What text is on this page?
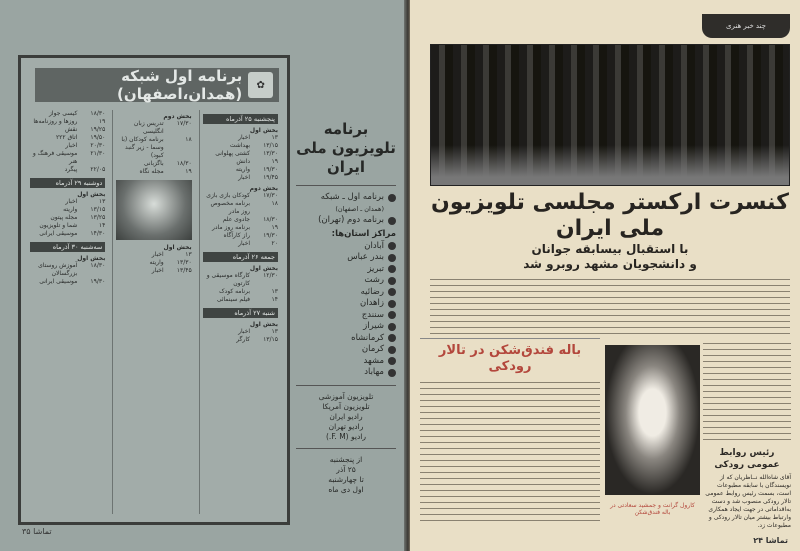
✿
برنامه اول شبکه (همدان،اصفهان)
پنجشنبه ۲۵ آذرماه
بخش اول
۱۳
اخبار
۱۳/۱۵
بهداشت
۱۳/۳۰
کشتی پهلوانی
۱۹
دانش
۱۹/۳۰
واریته
۱۹/۴۵
اخبار
بخش دوم
۱۷/۳۰
کودکان بازی بازی
۱۸
برنامه مخصوص روز مادر
۱۸/۳۰
جادوی علم
۱۹
برنامه روز مادر
۱۹/۳۰
راز کارآگاه
۲۰
اخبار
جمعه ۲۶ آذرماه
بخش اول
۱۲/۳۰
کارگاه موسیقی و کارتون
۱۳
برنامه کودک
۱۴
فیلم سینمائی
شنبه ۲۷ آذرماه
بخش اول
۱۳
اخبار
۱۳/۱۵
کارگر
بخش دوم
۱۷/۳۰
تدریس زبان انگلیسی
۱۸
برنامه کودکان (با وسما - زیر گنبد کبود)
۱۸/۳۰
باگزبانی
۱۹
مجله نگاه
بخش اول
۱۳
اخبار
۱۳/۳۰
واریته
۱۳/۴۵
اخبار
۱۸/۳۰
کیسی جواز
۱۹
روزها و روزنامه‌ها
۱۹/۲۵
نقش
۱۹/۵۰
اتاق ۲۲۲
۲۰/۳۰
اخبار
۲۱/۳۰
موسیقی فرهنگ و هنر
۲۲/۰۵
پیگرد
دوشنبه ۲۹ آذرماه
بخش اول
۱۳
اخبار
۱۳/۱۵
واریته
۱۳/۲۵
مجله پیتون
۱۴
شما و تلویزیون
۱۴/۳۰
موسیقی ایرانی
سه‌شنبه ۳۰ آذرماه
بخش اول
۱۸/۳۰
آموزش روستای بزرگسالان
۱۹/۳۰
موسیقی ایرانی
برنامه تلویزیون ملی ایران
برنامه اول ـ شبکه
(همدان ـ اصفهان)
برنامه دوم (تهران)
مراکز استان‌ها:
آبادان
بندر عباس
تبریز
رشت
رضائیه
زاهدان
سنندج
شیراز
کرمانشاه
کرمان
مشهد
مهاباد

تلویزیون آموزشی

تلویزیون آمریکا

رادیو ایران

رادیو تهران

رادیو (F. M.)

از پنجشنبه

۲۵ آذر

تا چهارشنبه

اول دی ماه

تماشا ۳۵
چند خبر هنری
کنسرت ارکستر مجلسی تلویزیون ملی ایران
با استقبال بیسابقه جوانان
و دانشجویان مشهد روبرو شد
باله فندق‌شکن در تالار رودکی
کارول گرانت و جمشید سعادتی در باله فندق‌شکن
رئیس روابط عمومی رودکی

آقای شاه‌الله نــاظریان که از نویسندگان با سابقه مطبوعات است، بسمت رئیس روابط عمومی تالار رودکی منصوب شد و دست به‌اقداماتی در جهت ایجاد همکاری وارتباط بیشتر میان تالار رودکی و مطبوعات زد.

تماشا ۲۴
